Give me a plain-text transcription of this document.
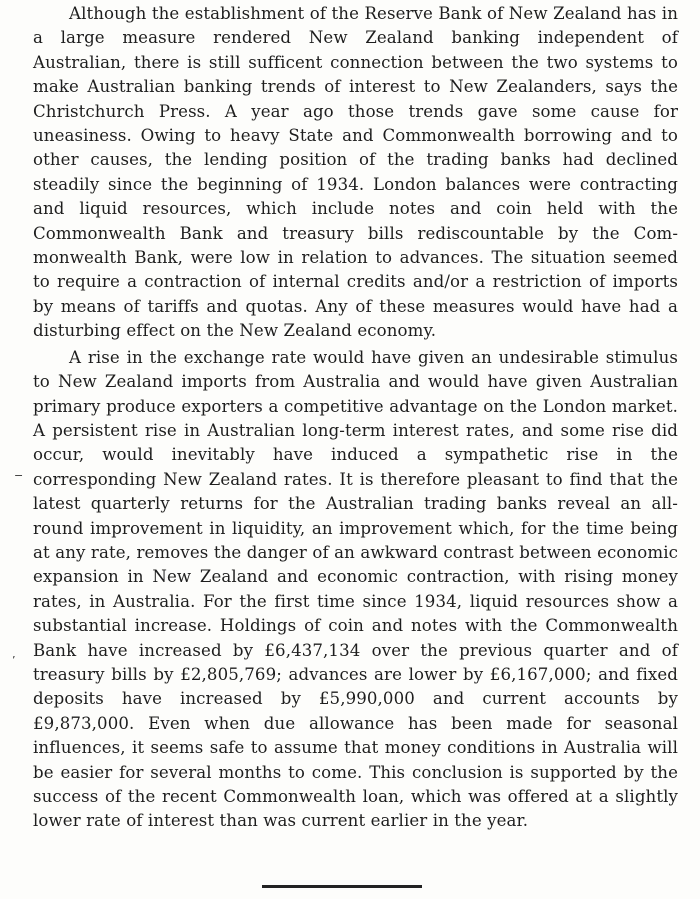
Although the establishment of the Reserve Bank of New Zealand has in a large measure rendered New Zealand banking independent of Australian, there is still sufficent connection between the two systems to make Australian banking trends of interest to New Zealanders, says the Christchurch Press. A year ago those trends gave some cause for uneasiness. Owing to heavy State and Commonwealth borrowing and to other causes, the lending position of the trading banks had declined steadily since the beginning of 1934. London balances were contracting and liquid resources, which include notes and coin held with the Commonwealth Bank and treasury bills rediscountable by the Commonwealth Bank, were low in relation to advances. The situation seemed to require a contraction of internal credits and/or a restriction of imports by means of tariffs and quotas. Any of these measures would have had a disturbing effect on the New Zealand economy.

A rise in the exchange rate would have given an undesirable stimulus to New Zealand imports from Australia and would have given Australian primary produce exporters a competitive advantage on the London market. A persistent rise in Australian long-term interest rates, and some rise did occur, would inevitably have induced a sympathetic rise in the corresponding New Zealand rates. It is therefore pleasant to find that the latest quarterly returns for the Australian trading banks reveal an all-round improvement in liquidity, an improvement which, for the time being at any rate, removes the danger of an awkward contrast between economic expansion in New Zealand and economic contraction, with rising money rates, in Australia. For the first time since 1934, liquid resources show a substantial increase. Holdings of coin and notes with the Commonwealth Bank have increased by £6,437,134 over the previous quarter and of treasury bills by £2,805,769; advances are lower by £6,167,000; and fixed deposits have increased by £5,990,000 and current accounts by £9,873,000. Even when due allowance has been made for seasonal influences, it seems safe to assume that money conditions in Australia will be easier for several months to come. This conclusion is supported by the success of the recent Commonwealth loan, which was offered at a slightly lower rate of interest than was current earlier in the year.

−
’
